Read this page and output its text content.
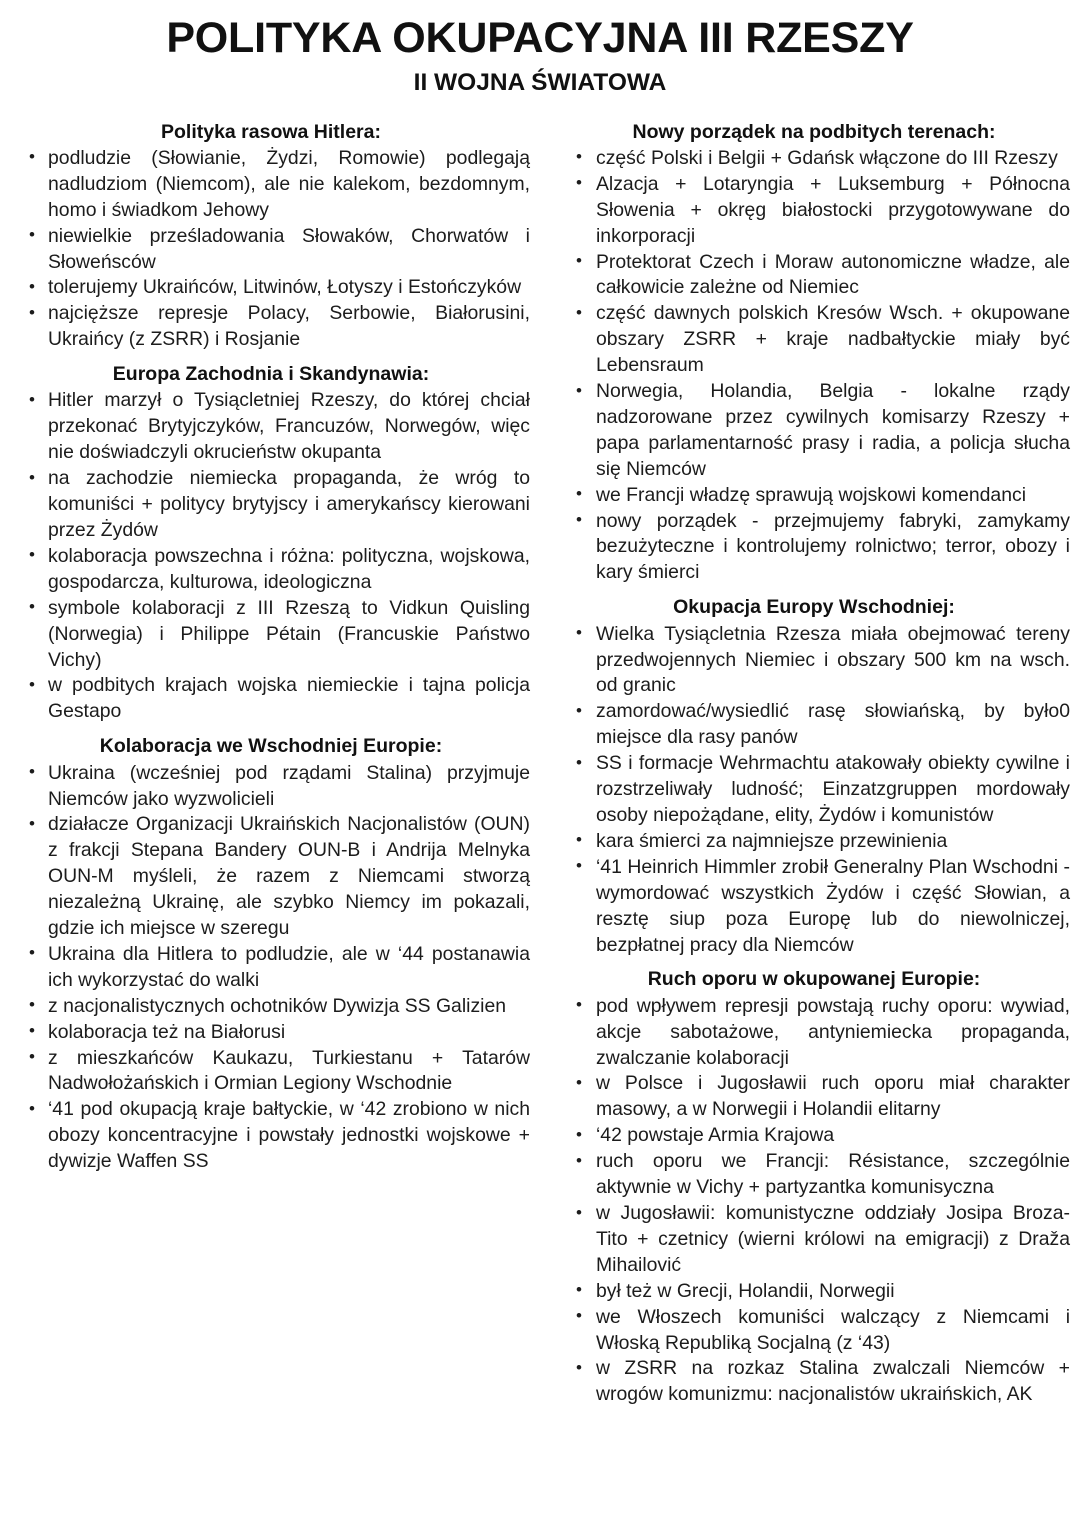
POLITYKA OKUPACYJNA III RZESZY
II WOJNA ŚWIATOWA
Polityka rasowa Hitlera:
• podludzie (Słowianie, Żydzi, Romowie) podlegają nadludziom (Niemcom), ale nie kalekom, bezdomnym, homo i świadkom Jehowy
• niewielkie prześladowania Słowaków, Chorwatów i Słoweńsców
• tolerujemy Ukraińców, Litwinów, Łotyszy i Estończyków
• najcięższe represje Polacy, Serbowie, Białorusini, Ukraińcy (z ZSRR) i Rosjanie
Europa Zachodnia i Skandynawia:
• Hitler marzył o Tysiącletniej Rzeszy, do której chciał przekonać Brytyjczyków, Francuzów, Norwegów, więc nie doświadczyli okrucieństw okupanta
• na zachodzie niemiecka propaganda, że wróg to komuniści + politycy brytyjscy i amerykańscy kierowani przez Żydów
• kolaboracja powszechna i różna: polityczna, wojskowa, gospodarcza, kulturowa, ideologiczna
• symbole kolaboracji z III Rzeszą to Vidkun Quisling (Norwegia) i Philippe Pétain (Francuskie Państwo Vichy)
• w podbitych krajach wojska niemieckie i tajna policja Gestapo
Kolaboracja we Wschodniej Europie:
• Ukraina (wcześniej pod rządami Stalina) przyjmuje Niemców jako wyzwolicieli
• działacze Organizacji Ukraińskich Nacjonalistów (OUN) z frakcji Stepana Bandery OUN-B i Andrija Melnyka OUN-M myśleli, że razem z Niemcami stworzą niezależną Ukrainę, ale szybko Niemcy im pokazali, gdzie ich miejsce w szeregu
• Ukraina dla Hitlera to podludzie, ale w ‘44 postanawia ich wykorzystać do walki
• z nacjonalistycznych ochotników Dywizja SS Galizien
• kolaboracja też na Białorusi
• z mieszkańców Kaukazu, Turkiestanu + Tatarów Nadwołożańskich i Ormian Legiony Wschodnie
• ‘41 pod okupacją kraje bałtyckie, w ‘42 zrobiono w nich obozy koncentracyjne i powstały jednostki wojskowe + dywizje Waffen SS
Nowy porządek na podbitych terenach:
• część Polski i Belgii + Gdańsk włączone do III Rzeszy
• Alzacja + Lotaryngia + Luksemburg + Północna Słowenia + okręg białostocki przygotowywane do inkorporacji
• Protektorat Czech i Moraw autonomiczne władze, ale całkowicie zależne od Niemiec
• część dawnych polskich Kresów Wsch. + okupowane obszary ZSRR + kraje nadbałtyckie miały być Lebensraum
• Norwegia, Holandia, Belgia - lokalne rządy nadzorowane przez cywilnych komisarzy Rzeszy + papa parlamentarność prasy i radia, a policja słucha się Niemców
• we Francji władzę sprawują wojskowi komendanci
• nowy porządek - przejmujemy fabryki, zamykamy bezużyteczne i kontrolujemy rolnictwo; terror, obozy i kary śmierci
Okupacja Europy Wschodniej:
• Wielka Tysiącletnia Rzesza miała obejmować tereny przedwojennych Niemiec i obszary 500 km na wsch. od granic
• zamordować/wysiedlić rasę słowiańską, by było0 miejsce dla rasy panów
• SS i formacje Wehrmachtu atakowały obiekty cywilne i rozstrzeliwały ludność; Einzatzgruppen mordowały osoby niepożądane, elity, Żydów i komunistów
• kara śmierci za najmniejsze przewinienia
• ‘41 Heinrich Himmler zrobił Generalny Plan Wschodni - wymordować wszystkich Żydów i część Słowian, a resztę siup poza Europę lub do niewolniczej, bezpłatnej pracy dla Niemców
Ruch oporu w okupowanej Europie:
• pod wpływem represji powstają ruchy oporu: wywiad, akcje sabotażowe, antyniemiecka propaganda, zwalczanie kolaboracji
• w Polsce i Jugosławii ruch oporu miał charakter masowy, a w Norwegii i Holandii elitarny
• ‘42 powstaje Armia Krajowa
• ruch oporu we Francji: Résistance, szczególnie aktywnie w Vichy + partyzantka komunisyczna
• w Jugosławii: komunistyczne oddziały Josipa Broza-Tito + czetnicy (wierni królowi na emigracji) z Draža Mihailović
• był też w Grecji, Holandii, Norwegii
• we Włoszech komuniści walczący z Niemcami i Włoską Republiką Socjalną (z ‘43)
• w ZSRR na rozkaz Stalina zwalczali Niemców + wrogów komunizmu: nacjonalistów ukraińskich, AK
